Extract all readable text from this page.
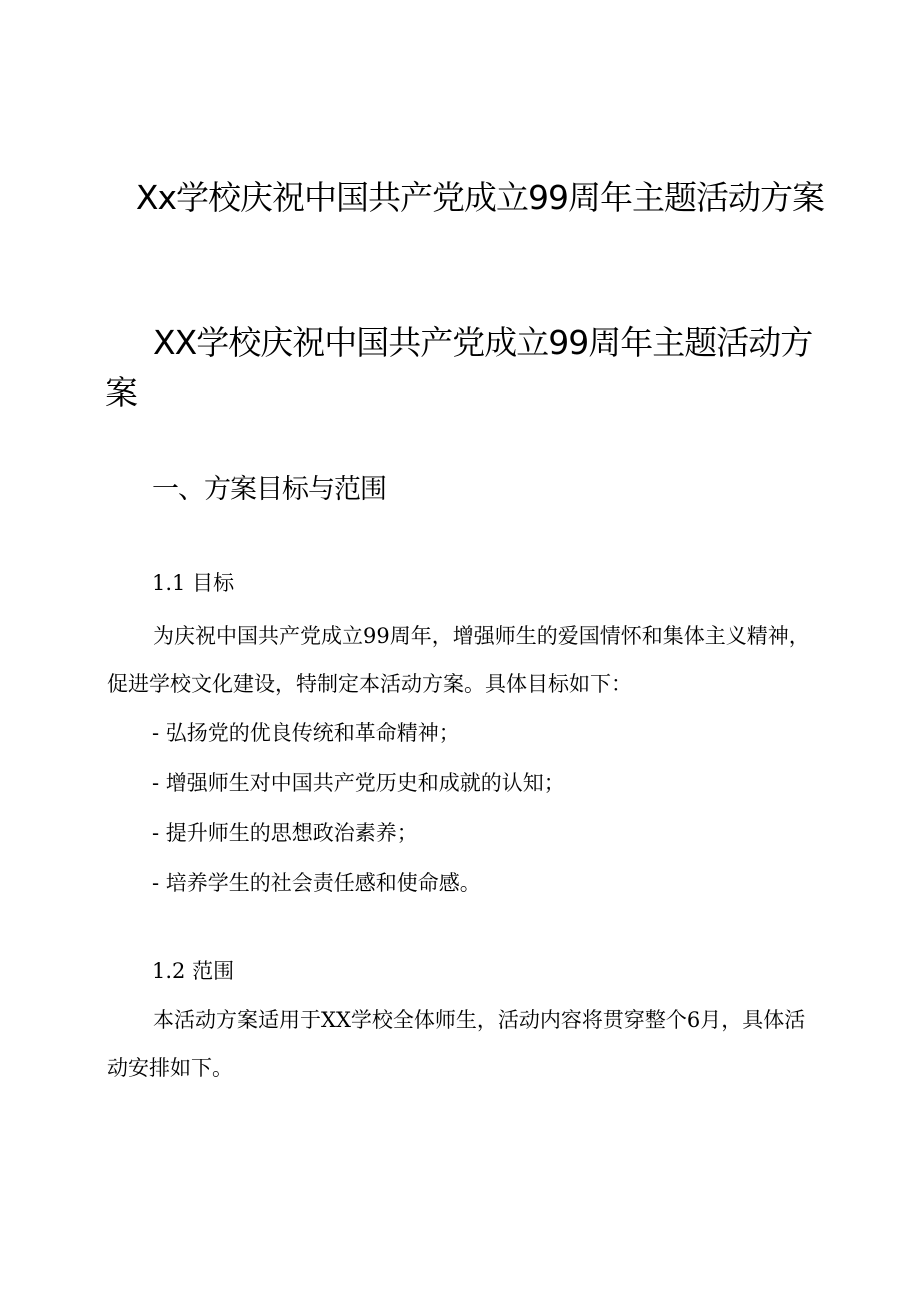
Xx学校庆祝中国共产党成立99周年主题活动方案
XX学校庆祝中国共产党成立99周年主题活动方案
一、方案目标与范围
1.1 目标

为庆祝中国共产党成立99周年，增强师生的爱国情怀和集体主义精神，促进学校文化建设，特制定本活动方案。具体目标如下：

- 弘扬党的优良传统和革命精神；
- 增强师生对中国共产党历史和成就的认知；
- 提升师生的思想政治素养；
- 培养学生的社会责任感和使命感。
1.2 范围

本活动方案适用于XX学校全体师生，活动内容将贯穿整个6月，具体活动安排如下。
